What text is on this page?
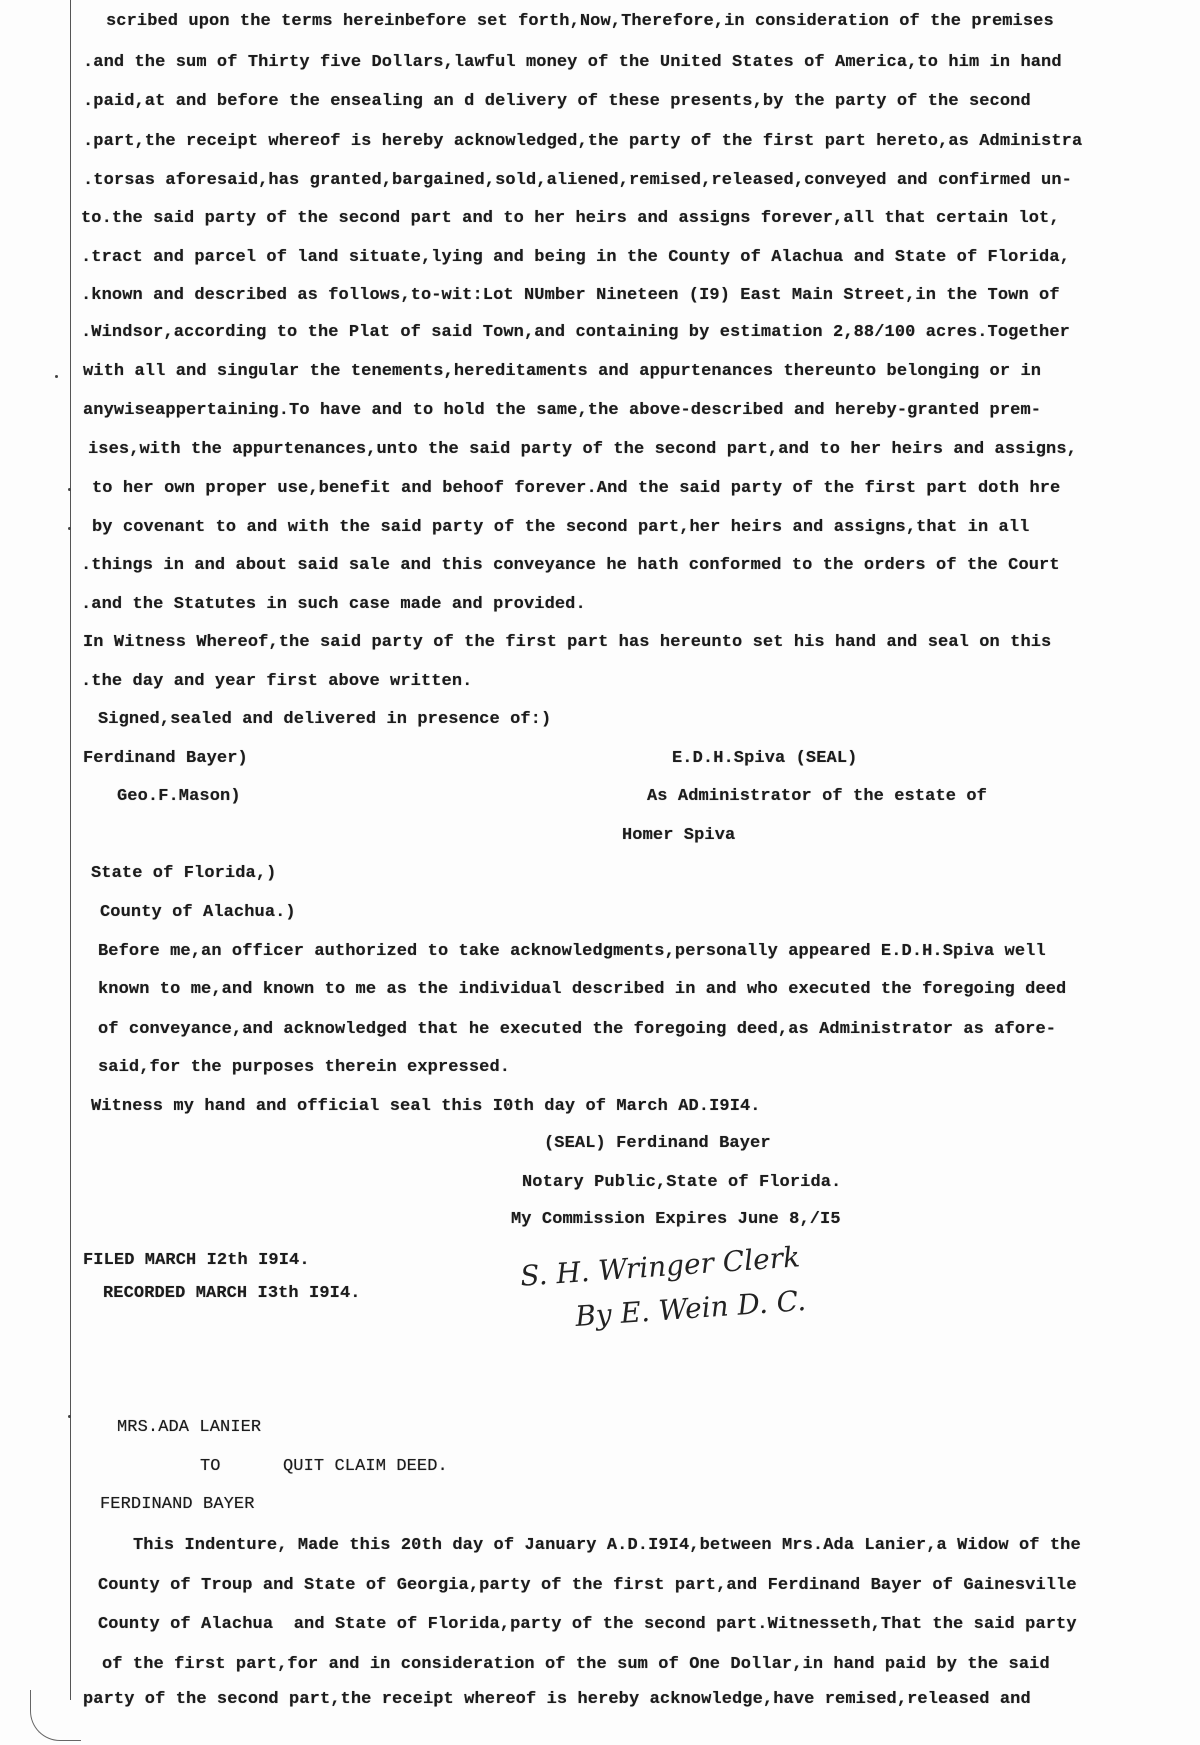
scribed upon the terms hereinbefore set forth,Now,Therefore,in consideration of the premises
.and the sum of Thirty five Dollars,lawful money of the United States of America,to him in hand
.paid,at and before the ensealing an d delivery of these presents,by the party of the second
.part,the receipt whereof is hereby acknowledged,the party of the first part hereto,as Administra
.torsas aforesaid,has granted,bargained,sold,aliened,remised,released,conveyed and confirmed un-
to.the said party of the second part and to her heirs and assigns forever,all that certain lot,
.tract and parcel of land situate,lying and being in the County of Alachua and State of Florida,
.known and described as follows,to-wit:Lot NUmber Nineteen (I9) East Main Street,in the Town of
.Windsor,according to the Plat of said Town,and containing by estimation 2,88/100 acres.Together
with all and singular the tenements,hereditaments and appurtenances thereunto belonging or in
anywiseappertaining.To have and to hold the same,the above-described and hereby-granted prem-
ises,with the appurtenances,unto the said party of the second part,and to her heirs and assigns,
to her own proper use,benefit and behoof forever.And the said party of the first part doth hre
by covenant to and with the said party of the second part,her heirs and assigns,that in all
.things in and about said sale and this conveyance he hath conformed to the orders of the Court
.and the Statutes in such case made and provided.
In Witness Whereof,the said party of the first part has hereunto set his hand and seal on this
.the day and year first above written.
Signed,sealed and delivered in presence of:)
Ferdinand Bayer)
Geo.F.Mason)
E.D.H.Spiva (SEAL)
As Administrator of the estate of
Homer Spiva
State of Florida,)
County of Alachua.)
Before me,an officer authorized to take acknowledgments,personally appeared E.D.H.Spiva well
known to me,and known to me as the individual described in and who executed the foregoing deed
of conveyance,and acknowledged that he executed the foregoing deed,as Administrator as afore-
said,for the purposes therein expressed.
Witness my hand and official seal this I0th day of March AD.I9I4.
(SEAL) Ferdinand Bayer
Notary Public,State of Florida.
My Commission Expires June 8,/I5
FILED MARCH I2th I9I4.
RECORDED MARCH I3th I9I4.
S. H. Wringer Clerk
By E. Wein D. C.
MRS.ADA LANIER
TO	QUIT CLAIM DEED.
FERDINAND BAYER
This Indenture, Made this 20th day of January A.D.I9I4,between Mrs.Ada Lanier,a Widow of the
County of Troup and State of Georgia,party of the first part,and Ferdinand Bayer of Gainesville
County of Alachua  and State of Florida,party of the second part.Witnesseth,That the said party
of the first part,for and in consideration of the sum of One Dollar,in hand paid by the said
party of the second part,the receipt whereof is hereby acknowledge,have remised,released and
